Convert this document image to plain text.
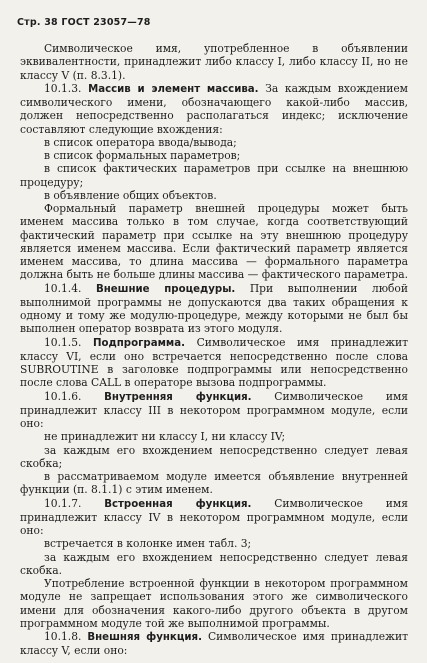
Стр. 38 ГОСТ 23057—78

Символическое имя, употребленное в объявлении эквивалентности, принадлежит либо классу I, либо классу II, но не классу V (п. 8.3.1).

10.1.3. Массив и элемент массива. За каждым вхождением символического имени, обозначающего какой-либо массив, должен непосредственно располагаться индекс; исключение составляют следующие вхождения:

в список оператора ввода/вывода;

в список формальных параметров;

в список фактических параметров при ссылке на внешнюю процедуру;

в объявление общих объектов.

Формальный параметр внешней процедуры может быть именем массива только в том случае, когда соответствующий фактический параметр при ссылке на эту внешнюю процедуру является именем массива. Если фактический параметр является именем массива, то длина массива — формального параметра должна быть не больше длины массива — фактического параметра.

10.1.4. Внешние процедуры. При выполнении любой выполнимой программы не допускаются два таких обращения к одному и тому же модулю-процедуре, между которыми не был бы выполнен оператор возврата из этого модуля.

10.1.5. Подпрограмма. Символическое имя принадлежит классу VI, если оно встречается непосредственно после слова SUBROUTINE в заголовке подпрограммы или непосредственно после слова CALL в операторе вызова подпрограммы.

10.1.6. Внутренняя функция. Символическое имя принадлежит классу III в некотором программном модуле, если оно:

не принадлежит ни классу I, ни классу IV;

за каждым его вхождением непосредственно следует левая скобка;

в рассматриваемом модуле имеется объявление внутренней функции (п. 8.1.1) с этим именем.

10.1.7. Встроенная функция. Символическое имя принадлежит классу IV в некотором программном модуле, если оно:

встречается в колонке имен табл. 3;

за каждым его вхождением непосредственно следует левая скобка.

Употребление встроенной функции в некотором программном модуле не запрещает использования этого же символического имени для обозначения какого-либо другого объекта в другом программном модуле той же выполнимой программы.

10.1.8. Внешняя функция. Символическое имя принадлежит классу V, если оно:
